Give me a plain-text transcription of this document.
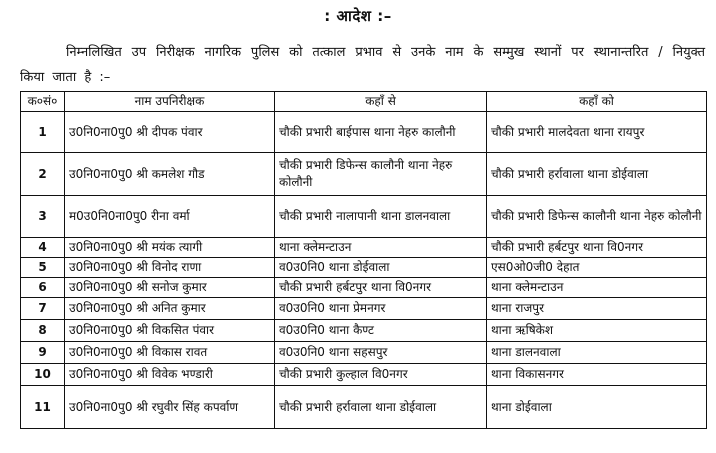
: आदेश :–
निम्नलिखित उप निरीक्षक नागरिक पुलिस को तत्काल प्रभाव से उनके नाम के सम्मुख स्थानों पर स्थानान्तरित / नियुक्त किया जाता है :–
क०सं०	नाम उपनिरीक्षक	कहाँ से	कहाँ को
1	उ0नि0ना0पु0 श्री दीपक पंवार	चौकी प्रभारी बाईपास थाना नेहरु कालौनी	चौकी प्रभारी मालदेवता थाना रायपुर
2	उ0नि0ना0पु0 श्री कमलेश गौड	चौकी प्रभारी डिफेन्स कालौनी थाना नेहरु कोलौनी	चौकी प्रभारी हर्रावाला थाना डोईवाला
3	म0उ0नि0ना0पु0 रीना वर्मा	चौकी प्रभारी नालापानी थाना डालनवाला	चौकी प्रभारी डिफेन्स कालौनी थाना नेहरु कोलौनी
4	उ0नि0ना0पु0 श्री मयंक त्यागी	थाना क्लेमन्टाउन	चौकी प्रभारी हर्बटपुर थाना वि0नगर
5	उ0नि0ना0पु0 श्री विनोद राणा	व0उ0नि0 थाना डोईवाला	एस0ओ0जी0 देहात
6	उ0नि0ना0पु0 श्री सनोज कुमार	चौकी प्रभारी हर्बटपुर थाना वि0नगर	थाना क्लेमन्टाउन
7	उ0नि0ना0पु0 श्री अनित कुमार	व0उ0नि0 थाना प्रेमनगर	थाना राजपुर
8	उ0नि0ना0पु0 श्री विकसित पंवार	व0उ0नि0 थाना कैण्ट	थाना ऋषिकेश
9	उ0नि0ना0पु0 श्री विकास रावत	व0उ0नि0 थाना सहसपुर	थाना डालनवाला
10	उ0नि0ना0पु0 श्री विवेक भण्डारी	चौकी प्रभारी कुल्हाल वि0नगर	थाना विकासनगर
11	उ0नि0ना0पु0 श्री रघुवीर सिंह कपर्वाण	चौकी प्रभारी हर्रावाला थाना डोईवाला	थाना डोईवाला
